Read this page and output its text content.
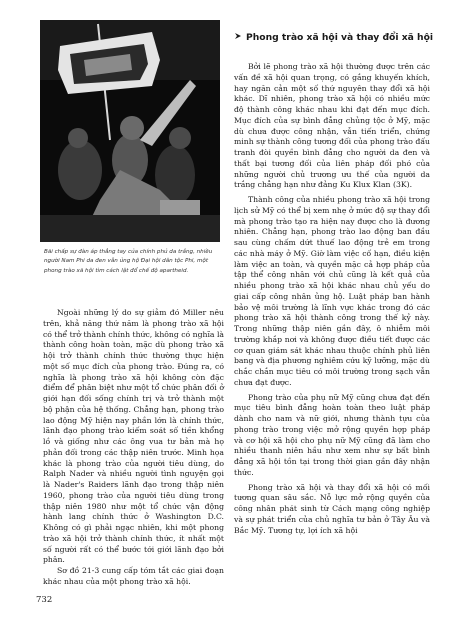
Bãi chấp sự đàn áp thẳng tay của chính phủ da trắng, nhiều người Nam Phi da đen vẫn ủng hộ Đại hội dân tộc Phi, một phong trào xã hội tìm cách lật đổ chế độ apartheid.

Ngoài những lý do sự giảm đó Miller nêu trên, khả năng thứ năm là phong trào xã hội có thể trở thành chính thức, không có nghĩa là thành công hoàn toàn, mặc dù phong trào xã hội trở thành chính thức thường thực hiện một số mục đích của phong trào. Đúng ra, có nghĩa là phong trào xã hội không còn đặc điểm để phân biệt như một tổ chức phân đối ở giới hạn đối sống chính trị và trở thành một bộ phận của hệ thống. Chẳng hạn, phong trào lao động Mỹ hiện nay phần lớn là chính thức, lãnh đạo phong trào kiếm soát số tiền khổng lồ và giống như các ông vua tư bản mà họ phản đối trong các thập niên trước. Minh họa khác là phong trào của người tiêu dùng, do Ralph Nader và nhiều người tình nguyện gọi là Nader's Raiders lãnh đạo trong thập niên 1960, phong trào của người tiêu dùng trong thập niên 1980 như một tổ chức vận động hành lang chính thức ở Washington D.C. Không có gì phải ngạc nhiên, khi một phong trào xã hội trở thành chính thức, ít nhất một số người rất có thể bước tới giới lãnh đạo bởi phân.

Sơ đồ 21-3 cung cấp tóm tắt các giai đoạn khác nhau của một phong trào xã hội.

Phong trào xã hội và thay đổi xã hội

Bởi lẽ phong trào xã hội thường được trên các vấn đề xã hội quan trọng, có gắng khuyến khích, hay ngăn cản một số thứ nguyên thay đổi xã hội khác. Dĩ nhiên, phong trào xã hội có nhiều mức độ thành công khác nhau khi đạt đến mục đích. Mục đích của sự bình đẳng chủng tộc ở Mỹ, mặc dù chưa được công nhận, vẫn tiến triển, chứng minh sự thành công tương đối của phong trào đấu tranh đòi quyền bình đẳng cho người da đen và thất bại tương đối của liên pháp đối phó của những người chủ trương ưu thế của người da trắng chẳng hạn như đảng Ku Klux Klan (3K).

Thành công của nhiều phong trào xã hội trong lịch sử Mỹ có thể bị xem nhẹ ở mức độ sự thay đổi mà phong trào tạo ra hiện nay được cho là đương nhiên. Chẳng hạn, phong trào lao động ban đầu sau cùng chấm dứt thuế lao động trẻ em trong các nhà máy ở Mỹ. Giờ làm việc cố hạn, điều kiện làm việc an toàn, và quyền mặc cả hợp pháp của tập thể công nhân với chủ cũng là kết quả của nhiều phong trào xã hội khác nhau chủ yếu do giai cấp công nhân ủng hộ. Luật pháp ban hành bảo vệ môi trường là lĩnh vực khác trong đó các phong trào xã hội thành công trong thế kỷ này. Trong những thập niên gần đây, ô nhiễm môi trường khắp nơi và không được điều tiết được các cơ quan giám sát khác nhau thuộc chính phủ liên bang và địa phương nghiêm cứu kỹ lưỡng, mặc dù chắc chắn mục tiêu có môi trường trong sạch vẫn chưa đạt được.

Phong trào của phụ nữ Mỹ cũng chưa đạt đến mục tiêu bình đẳng hoàn toàn theo luật pháp dành cho nam và nữ giới, nhưng thành tựu của phong trào trong việc mở rộng quyền hợp pháp và cơ hội xã hội cho phụ nữ Mỹ cũng đã làm cho nhiều thanh niên hầu như xem như sự bất bình đẳng xã hội tồn tại trong thời gian gần đây nhận thức.

Phong trào xã hội và thay đổi xã hội có mối tương quan sâu sắc. Nỗ lực mở rộng quyền của công nhân phát sinh từ Cách mạng công nghiệp và sự phát triển của chủ nghĩa tư bản ở Tây Âu và Bắc Mỹ. Tương tự, lợi ích xã hội

732
